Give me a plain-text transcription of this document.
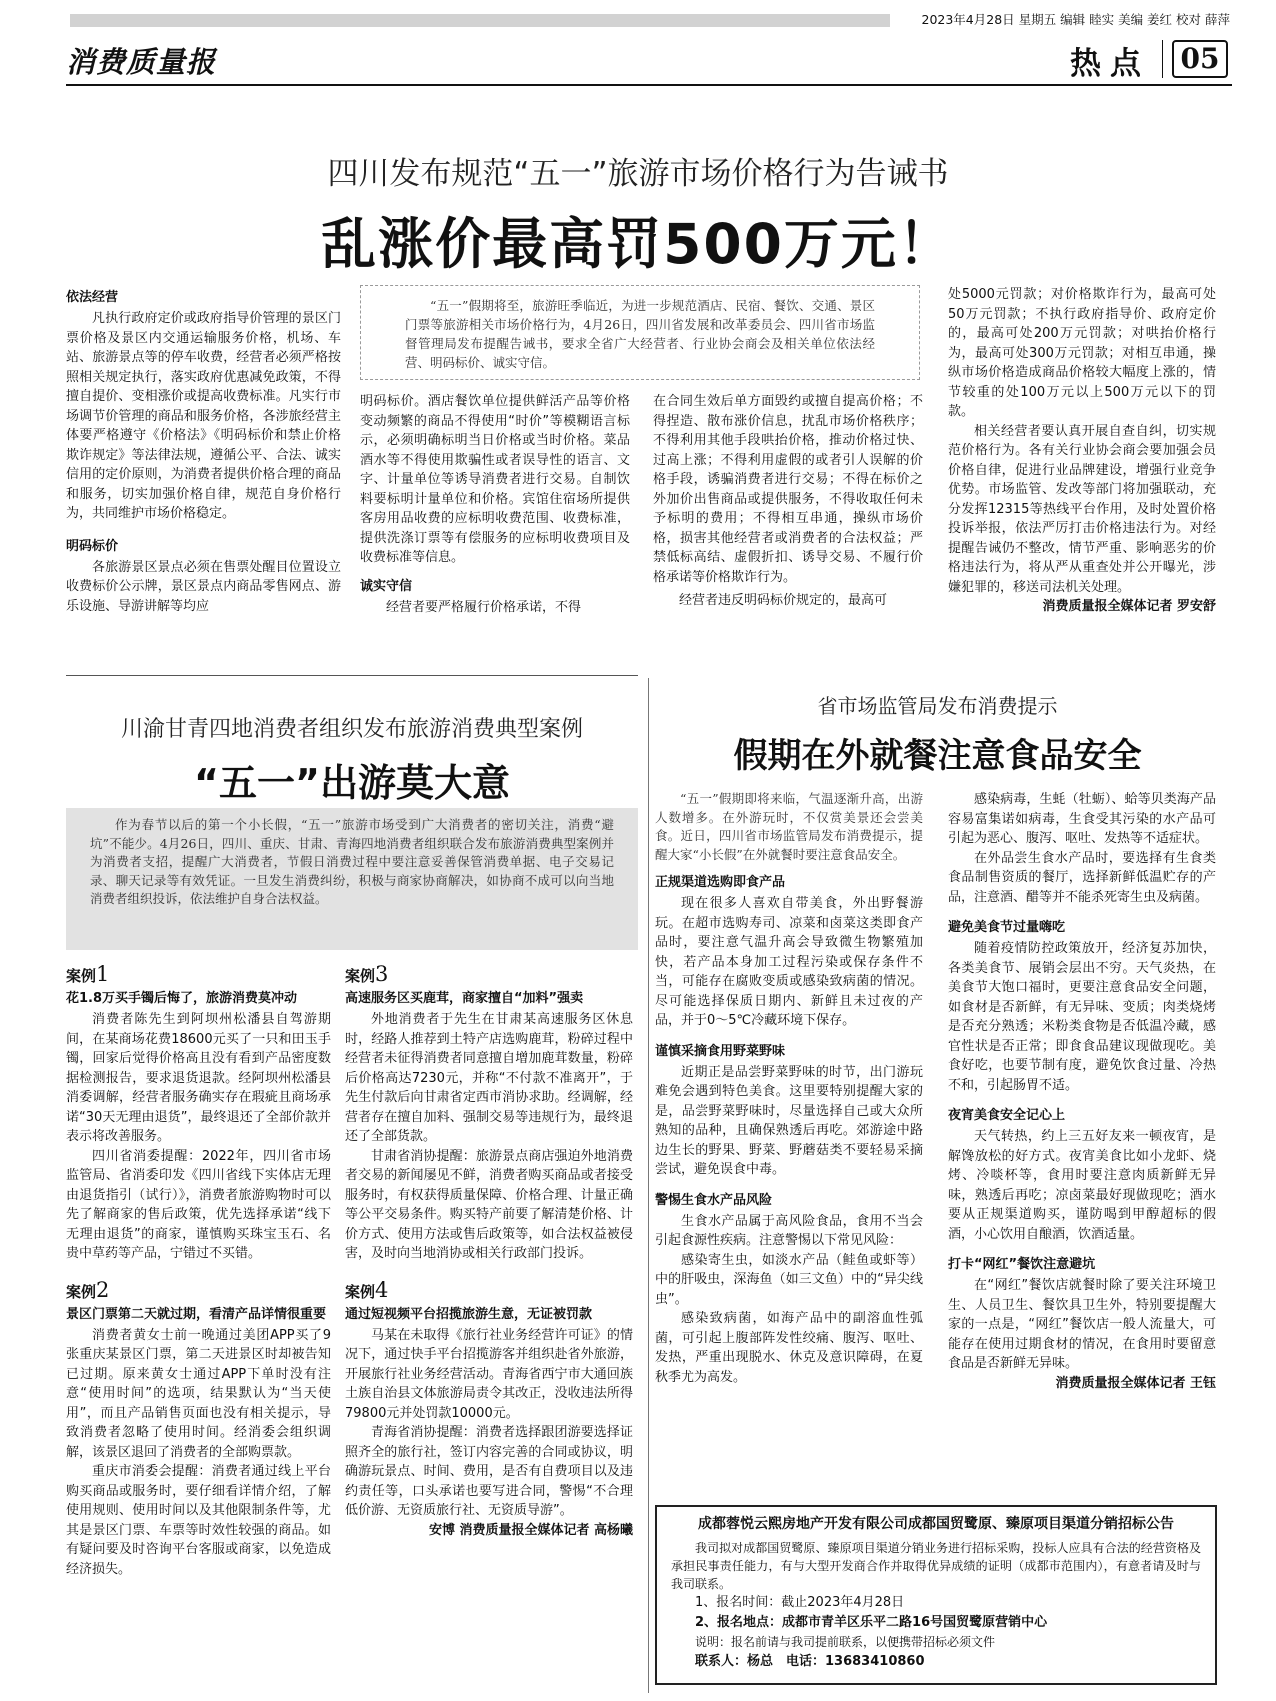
2023年4月28日 星期五 编辑 睦实 美编 姜红 校对 薛萍
消费质量报	热点	05
四川发布规范“五一”旅游市场价格行为告诫书
乱涨价最高罚500万元！

依法经营

凡执行政府定价或政府指导价管理的景区门票价格及景区内交通运输服务价格，机场、车站、旅游景点等的停车收费，经营者必须严格按照相关规定执行，落实政府优惠减免政策，不得擅自提价、变相涨价或提高收费标准。凡实行市场调节价管理的商品和服务价格，各涉旅经营主体要严格遵守《价格法》《明码标价和禁止价格欺诈规定》等法律法规，遵循公平、合法、诚实信用的定价原则，为消费者提供价格合理的商品和服务，切实加强价格自律，规范自身价格行为，共同维护市场价格稳定。

明码标价

各旅游景区景点必须在售票处醒目位置设立收费标价公示牌，景区景点内商品零售网点、游乐设施、导游讲解等均应

“五一”假期将至，旅游旺季临近，为进一步规范酒店、民宿、餐饮、交通、景区门票等旅游相关市场价格行为，4月26日，四川省发展和改革委员会、四川省市场监督管理局发布提醒告诫书，要求全省广大经营者、行业协会商会及相关单位依法经营、明码标价、诚实守信。

明码标价。酒店餐饮单位提供鲜活产品等价格变动频繁的商品不得使用“时价”等模糊语言标示，必须明确标明当日价格或当时价格。菜品酒水等不得使用欺骗性或者误导性的语言、文字、计量单位等诱导消费者进行交易。自制饮料要标明计量单位和价格。宾馆住宿场所提供客房用品收费的应标明收费范围、收费标准，提供洗涤订票等有偿服务的应标明收费项目及收费标准等信息。

诚实守信

经营者要严格履行价格承诺，不得

在合同生效后单方面毁约或擅自提高价格；不得捏造、散布涨价信息，扰乱市场价格秩序；不得利用其他手段哄抬价格，推动价格过快、过高上涨；不得利用虚假的或者引人误解的价格手段，诱骗消费者进行交易；不得在标价之外加价出售商品或提供服务，不得收取任何未予标明的费用；不得相互串通，操纵市场价格，损害其他经营者或消费者的合法权益；严禁低标高结、虚假折扣、诱导交易、不履行价格承诺等价格欺诈行为。

经营者违反明码标价规定的，最高可

处5000元罚款；对价格欺诈行为，最高可处50万元罚款；不执行政府指导价、政府定价的，最高可处200万元罚款；对哄抬价格行为，最高可处300万元罚款；对相互串通，操纵市场价格造成商品价格较大幅度上涨的，情节较重的处100万元以上500万元以下的罚款。

相关经营者要认真开展自查自纠，切实规范价格行为。各有关行业协会商会要加强会员价格自律，促进行业品牌建设，增强行业竞争优势。市场监管、发改等部门将加强联动，充分发挥12315等热线平台作用，及时处置价格投诉举报，依法严厉打击价格违法行为。对经提醒告诫仍不整改，情节严重、影响恶劣的价格违法行为，将从严从重查处并公开曝光，涉嫌犯罪的，移送司法机关处理。

消费质量报全媒体记者 罗安舒

川渝甘青四地消费者组织发布旅游消费典型案例
“五一”出游莫大意

作为春节以后的第一个小长假，“五一”旅游市场受到广大消费者的密切关注，消费“避坑”不能少。4月26日，四川、重庆、甘肃、青海四地消费者组织联合发布旅游消费典型案例并为消费者支招，提醒广大消费者，节假日消费过程中要注意妥善保管消费单据、电子交易记录、聊天记录等有效凭证。一旦发生消费纠纷，积极与商家协商解决，如协商不成可以向当地消费者组织投诉，依法维护自身合法权益。

案例1

花1.8万买手镯后悔了，旅游消费莫冲动

消费者陈先生到阿坝州松潘县自驾游期间，在某商场花费18600元买了一只和田玉手镯，回家后觉得价格高且没有看到产品密度数据检测报告，要求退货退款。经阿坝州松潘县消委调解，经营者服务确实存在瑕疵且商场承诺“30天无理由退货”，最终退还了全部价款并表示将改善服务。

四川省消委提醒：2022年，四川省市场监管局、省消委印发《四川省线下实体店无理由退货指引（试行）》，消费者旅游购物时可以先了解商家的售后政策，优先选择承诺“线下无理由退货”的商家，谨慎购买珠宝玉石、名贵中草药等产品，宁错过不买错。

案例2

景区门票第二天就过期，看清产品详情很重要

消费者黄女士前一晚通过美团APP买了9张重庆某景区门票，第二天进景区时却被告知已过期。原来黄女士通过APP下单时没有注意“使用时间”的选项，结果默认为“当天使用”，而且产品销售页面也没有相关提示，导致消费者忽略了使用时间。经消委会组织调解，该景区退回了消费者的全部购票款。

重庆市消委会提醒：消费者通过线上平台购买商品或服务时，要仔细看详情介绍，了解使用规则、使用时间以及其他限制条件等，尤其是景区门票、车票等时效性较强的商品。如有疑问要及时咨询平台客服或商家，以免造成经济损失。

案例3

高速服务区买鹿茸，商家擅自“加料”强卖

外地消费者于先生在甘肃某高速服务区休息时，经路人推荐到土特产店选购鹿茸，粉碎过程中经营者未征得消费者同意擅自增加鹿茸数量，粉碎后价格高达7230元，并称“不付款不准离开”，于先生付款后向甘肃省定西市消协求助。经调解，经营者存在擅自加料、强制交易等违规行为，最终退还了全部货款。

甘肃省消协提醒：旅游景点商店强迫外地消费者交易的新闻屡见不鲜，消费者购买商品或者接受服务时，有权获得质量保障、价格合理、计量正确等公平交易条件。购买特产前要了解清楚价格、计价方式、使用方法或售后政策等，如合法权益被侵害，及时向当地消协或相关行政部门投诉。

案例4

通过短视频平台招揽旅游生意，无证被罚款

马某在未取得《旅行社业务经营许可证》的情况下，通过快手平台招揽游客并组织赴省外旅游，开展旅行社业务经营活动。青海省西宁市大通回族土族自治县文体旅游局责令其改正，没收违法所得79800元并处罚款10000元。

青海省消协提醒：消费者选择跟团游要选择证照齐全的旅行社，签订内容完善的合同或协议，明确游玩景点、时间、费用，是否有自费项目以及违约责任等，口头承诺也要写进合同，警惕“不合理低价游、无资质旅行社、无资质导游”。

安博 消费质量报全媒体记者 高杨曦

省市场监管局发布消费提示
假期在外就餐注意食品安全

“五一”假期即将来临，气温逐渐升高，出游人数增多。在外游玩时，不仅赏美景还会尝美食。近日，四川省市场监管局发布消费提示，提醒大家“小长假”在外就餐时要注意食品安全。

正规渠道选购即食产品

现在很多人喜欢自带美食，外出野餐游玩。在超市选购寿司、凉菜和卤菜这类即食产品时，要注意气温升高会导致微生物繁殖加快，若产品本身加工过程污染或保存条件不当，可能存在腐败变质或感染致病菌的情况。尽可能选择保质日期内、新鲜且未过夜的产品，并于0～5℃冷藏环境下保存。

谨慎采摘食用野菜野味

近期正是品尝野菜野味的时节，出门游玩难免会遇到特色美食。这里要特别提醒大家的是，品尝野菜野味时，尽量选择自己或大众所熟知的品种，且确保熟透后再吃。郊游途中路边生长的野果、野菜、野蘑菇类不要轻易采摘尝试，避免误食中毒。

警惕生食水产品风险

生食水产品属于高风险食品，食用不当会引起食源性疾病。注意警惕以下常见风险：

感染寄生虫，如淡水产品（鲑鱼或虾等）中的肝吸虫，深海鱼（如三文鱼）中的“异尖线虫”。

感染致病菌，如海产品中的副溶血性弧菌，可引起上腹部阵发性绞痛、腹泻、呕吐、发热，严重出现脱水、休克及意识障碍，在夏秋季尤为高发。

感染病毒，生蚝（牡蛎）、蛤等贝类海产品容易富集诺如病毒，生食受其污染的水产品可引起为恶心、腹泻、呕吐、发热等不适症状。

在外品尝生食水产品时，要选择有生食类食品制售资质的餐厅，选择新鲜低温贮存的产品，注意酒、醋等并不能杀死寄生虫及病菌。

避免美食节过量嗨吃

随着疫情防控政策放开，经济复苏加快，各类美食节、展销会层出不穷。天气炎热，在美食节大饱口福时，更要注意食品安全问题，如食材是否新鲜，有无异味、变质；肉类烧烤是否充分熟透；米粉类食物是否低温冷藏，感官性状是否正常；即食食品建议现做现吃。美食好吃，也要节制有度，避免饮食过量、冷热不和，引起肠胃不适。

夜宵美食安全记心上

天气转热，约上三五好友来一顿夜宵，是解馋放松的好方式。夜宵美食比如小龙虾、烧烤、冷啖杯等，食用时要注意肉质新鲜无异味，熟透后再吃；凉卤菜最好现做现吃；酒水要从正规渠道购买，谨防喝到甲醇超标的假酒，小心饮用自酿酒，饮酒适量。

打卡“网红”餐饮注意避坑

在“网红”餐饮店就餐时除了要关注环境卫生、人员卫生、餐饮具卫生外，特别要提醒大家的一点是，“网红”餐饮店一般人流量大，可能存在使用过期食材的情况，在食用时要留意食品是否新鲜无异味。

消费质量报全媒体记者 王钰

成都蓉悦云熙房地产开发有限公司成都国贸鹭原、臻原项目渠道分销招标公告

我司拟对成都国贸鹭原、臻原项目渠道分销业务进行招标采购，投标人应具有合法的经营资格及承担民事责任能力，有与大型开发商合作并取得优异成绩的证明（成都市范围内），有意者请及时与我司联系。

1、报名时间：截止2023年4月28日
2、报名地点：成都市青羊区乐平二路16号国贸鹭原营销中心
说明：报名前请与我司提前联系，以便携带招标必须文件
联系人：杨总　电话：13683410860
